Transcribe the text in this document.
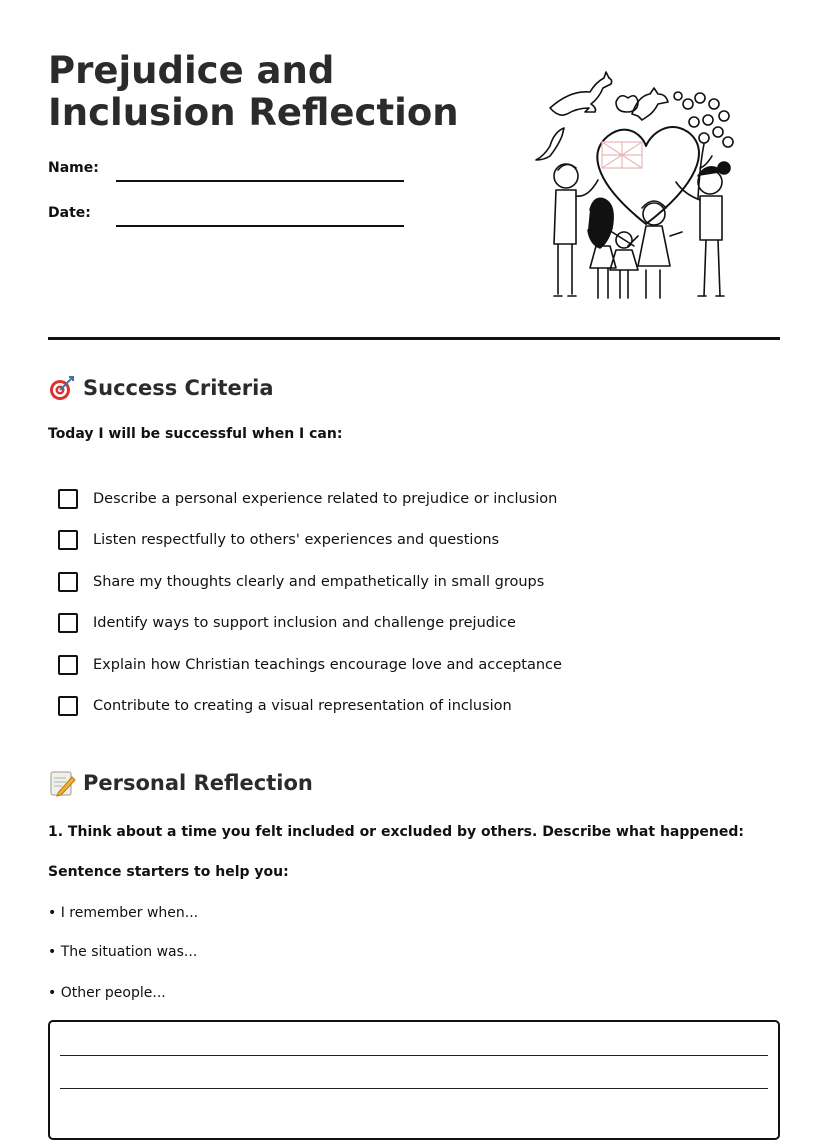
Prejudice and Inclusion Reflection
Name:
Date:
Success Criteria
Today I will be successful when I can:
Describe a personal experience related to prejudice or inclusion
Listen respectfully to others' experiences and questions
Share my thoughts clearly and empathetically in small groups
Identify ways to support inclusion and challenge prejudice
Explain how Christian teachings encourage love and acceptance
Contribute to creating a visual representation of inclusion
Personal Reflection
1. Think about a time you felt included or excluded by others. Describe what happened:
Sentence starters to help you:
• I remember when...
• The situation was...
• Other people...
